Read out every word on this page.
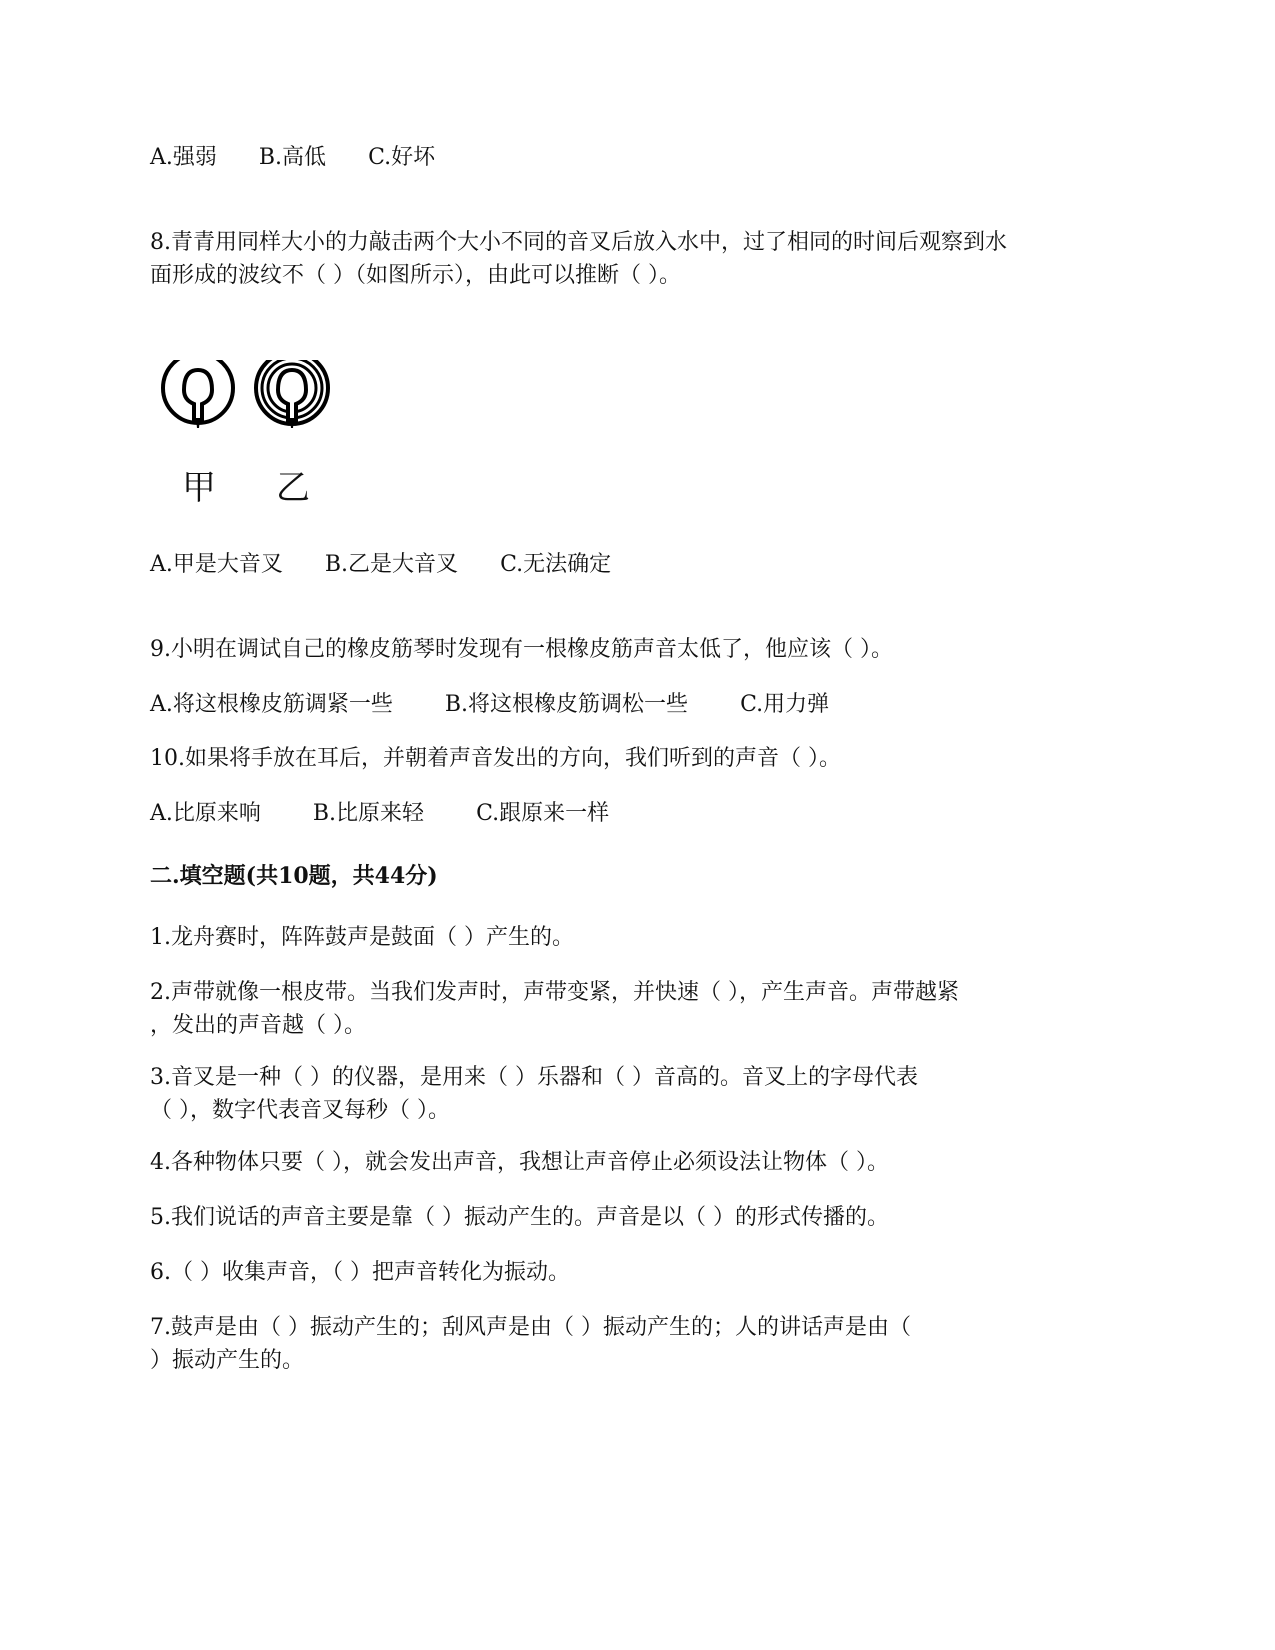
A.强弱 B.高低 C.好坏
8.青青用同样大小的力敲击两个大小不同的音叉后放入水中，过了相同的时间后观察到水
面形成的波纹不（ ）（如图所示），由此可以推断（ ）。
甲 乙
A.甲是大音叉 B.乙是大音叉 C.无法确定
9.小明在调试自己的橡皮筋琴时发现有一根橡皮筋声音太低了，他应该（ ）。
A.将这根橡皮筋调紧一些 B.将这根橡皮筋调松一些 C.用力弹
10.如果将手放在耳后，并朝着声音发出的方向，我们听到的声音（ ）。
A.比原来响 B.比原来轻 C.跟原来一样
二.填空题(共10题，共44分)
1.龙舟赛时，阵阵鼓声是鼓面（ ）产生的。
2.声带就像一根皮带。当我们发声时，声带变紧，并快速（ ），产生声音。声带越紧
，发出的声音越（ ）。
3.音叉是一种（ ）的仪器，是用来（ ）乐器和（ ）音高的。音叉上的字母代表
（ ），数字代表音叉每秒（ ）。
4.各种物体只要（ ），就会发出声音，我想让声音停止必须设法让物体（ ）。
5.我们说话的声音主要是靠（ ）振动产生的。声音是以（ ）的形式传播的。
6.（ ）收集声音，（ ）把声音转化为振动。
7.鼓声是由（ ）振动产生的；刮风声是由（ ）振动产生的；人的讲话声是由（
）振动产生的。
